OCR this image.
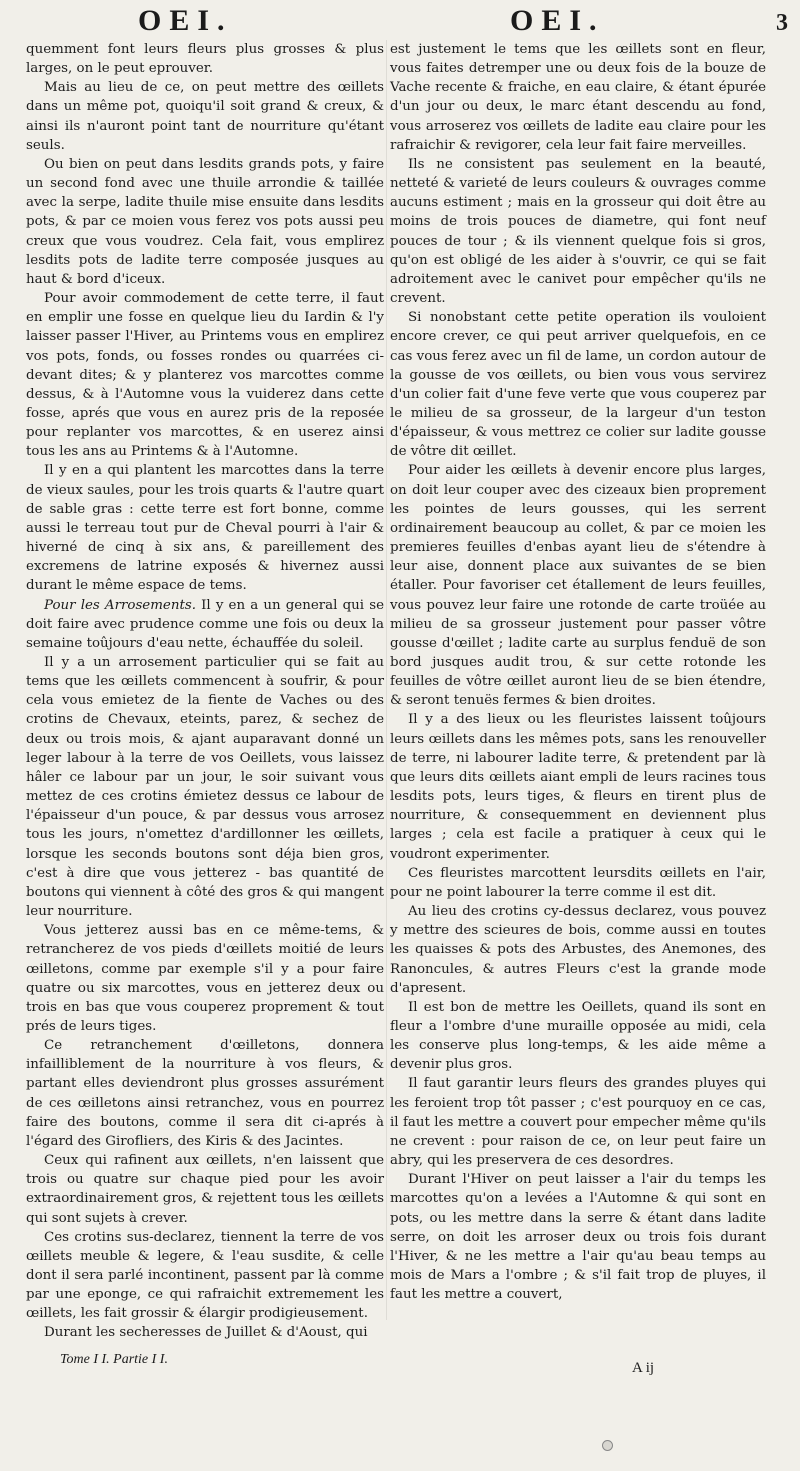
OEI.	OEI.	3

quemment font leurs fleurs plus grosses & plus larges, on le peut eprouver.

Mais au lieu de ce, on peut mettre des œillets dans un même pot, quoiqu'il soit grand & creux, & ainsi ils n'auront point tant de nourriture qu'étant seuls.

Ou bien on peut dans lesdits grands pots, y faire un second fond avec une thuile arrondie & taillée avec la serpe, ladite thuile mise ensuite dans lesdits pots, & par ce moien vous ferez vos pots aussi peu creux que vous voudrez. Cela fait, vous emplirez lesdits pots de ladite terre composée jusques au haut & bord d'iceux.

Pour avoir commodement de cette terre, il faut en emplir une fosse en quelque lieu du Iardin & l'y laisser passer l'Hiver, au Printems vous en emplirez vos pots, fonds, ou fosses rondes ou quarrées ci-devant dites; & y planterez vos marcottes comme dessus, & à l'Automne vous la vuiderez dans cette fosse, aprés que vous en aurez pris de la reposée pour replanter vos marcottes, & en userez ainsi tous les ans au Printems & à l'Automne.

Il y en a qui plantent les marcottes dans la terre de vieux saules, pour les trois quarts & l'autre quart de sable gras : cette terre est fort bonne, comme aussi le terreau tout pur de Cheval pourri à l'air & hiverné de cinq à six ans, & pareillement des excremens de latrine exposés & hivernez aussi durant le même espace de tems.

Pour les Arrosements. Il y en a un general qui se doit faire avec prudence comme une fois ou deux la semaine toûjours d'eau nette, échauffée du soleil.

Il y a un arrosement particulier qui se fait au tems que les œillets commencent à soufrir, & pour cela vous emietez de la fiente de Vaches ou des crotins de Chevaux, eteints, parez, & sechez de deux ou trois mois, & ajant auparavant donné un leger labour à la terre de vos Oeillets, vous laissez hâler ce labour par un jour, le soir suivant vous mettez de ces crotins émietez dessus ce labour de l'épaisseur d'un pouce, & par dessus vous arrosez tous les jours, n'omettez d'ardillonner les œillets, lorsque les seconds boutons sont déja bien gros, c'est à dire que vous jetterez - bas quantité de boutons qui viennent à côté des gros & qui mangent leur nourriture.

Vous jetterez aussi bas en ce même-tems, & retrancherez de vos pieds d'œillets moitié de leurs œilletons, comme par exemple s'il y a pour faire quatre ou six marcottes, vous en jetterez deux ou trois en bas que vous couperez proprement & tout prés de leurs tiges.

Ce retranchement d'œilletons, donnera infailliblement de la nourriture à vos fleurs, & partant elles deviendront plus grosses assurément de ces œilletons ainsi retranchez, vous en pourrez faire des boutons, comme il sera dit ci-aprés à l'égard des Girofliers, des Kiris & des Jacintes.

Ceux qui rafinent aux œillets, n'en laissent que trois ou quatre sur chaque pied pour les avoir extraordinairement gros, & rejettent tous les œillets qui sont sujets à crever.

Ces crotins sus-declarez, tiennent la terre de vos œillets meuble & legere, & l'eau susdite, & celle dont il sera parlé incontinent, passent par là comme par une eponge, ce qui rafraichit extremement les œillets, les fait grossir & élargir prodigieusement.

Durant les secheresses de Juillet & d'Aoust, qui

est justement le tems que les œillets sont en fleur, vous faites detremper une ou deux fois de la bouze de Vache recente & fraiche, en eau claire, & étant épurée d'un jour ou deux, le marc étant descendu au fond, vous arroserez vos œillets de ladite eau claire pour les rafraichir & revigorer, cela leur fait faire merveilles.

Ils ne consistent pas seulement en la beauté, netteté & varieté de leurs couleurs & ouvrages comme aucuns estiment ; mais en la grosseur qui doit être au moins de trois pouces de diametre, qui font neuf pouces de tour ; & ils viennent quelque fois si gros, qu'on est obligé de les aider à s'ouvrir, ce qui se fait adroitement avec le canivet pour empêcher qu'ils ne crevent.

Si nonobstant cette petite operation ils vouloient encore crever, ce qui peut arriver quelquefois, en ce cas vous ferez avec un fil de lame, un cordon autour de la gousse de vos œillets, ou bien vous vous servirez d'un colier fait d'une feve verte que vous couperez par le milieu de sa grosseur, de la largeur d'un teston d'épaisseur, & vous mettrez ce colier sur ladite gousse de vôtre dit œillet.

Pour aider les œillets à devenir encore plus larges, on doit leur couper avec des cizeaux bien proprement les pointes de leurs gousses, qui les serrent ordinairement beaucoup au collet, & par ce moien les premieres feuilles d'enbas ayant lieu de s'étendre à leur aise, donnent place aux suivantes de se bien étaller. Pour favoriser cet étallement de leurs feuilles, vous pouvez leur faire une rotonde de carte troüée au milieu de sa grosseur justement pour passer vôtre gousse d'œillet ; ladite carte au surplus fenduë de son bord jusques audit trou, & sur cette rotonde les feuilles de vôtre œillet auront lieu de se bien étendre, & seront tenuës fermes & bien droites.

Il y a des lieux ou les fleuristes laissent toûjours leurs œillets dans les mêmes pots, sans les renouveller de terre, ni labourer ladite terre, & pretendent par là que leurs dits œillets aiant empli de leurs racines tous lesdits pots, leurs tiges, & fleurs en tirent plus de nourriture, & consequemment en deviennent plus larges ; cela est facile a pratiquer à ceux qui le voudront experimenter.

Ces fleuristes marcottent leursdits œillets en l'air, pour ne point labourer la terre comme il est dit.

Au lieu des crotins cy-dessus declarez, vous pouvez y mettre des scieures de bois, comme aussi en toutes les quaisses & pots des Arbustes, des Anemones, des Ranoncules, & autres Fleurs c'est la grande mode d'apresent.

Il est bon de mettre les Oeillets, quand ils sont en fleur a l'ombre d'une muraille opposée au midi, cela les conserve plus long-temps, & les aide même a devenir plus gros.

Il faut garantir leurs fleurs des grandes pluyes qui les feroient trop tôt passer ; c'est pourquoy en ce cas, il faut les mettre a couvert pour empecher même qu'ils ne crevent : pour raison de ce, on leur peut faire un abry, qui les preservera de ces desordres.

Durant l'Hiver on peut laisser a l'air du temps les marcottes qu'on a levées a l'Automne & qui sont en pots, ou les mettre dans la serre & étant dans ladite serre, on doit les arroser deux ou trois fois durant l'Hiver, & ne les mettre a l'air qu'au beau temps au mois de Mars a l'ombre ; & s'il fait trop de pluyes, il faut les mettre a couvert,

Tome I I. Partie I I.
A ij
